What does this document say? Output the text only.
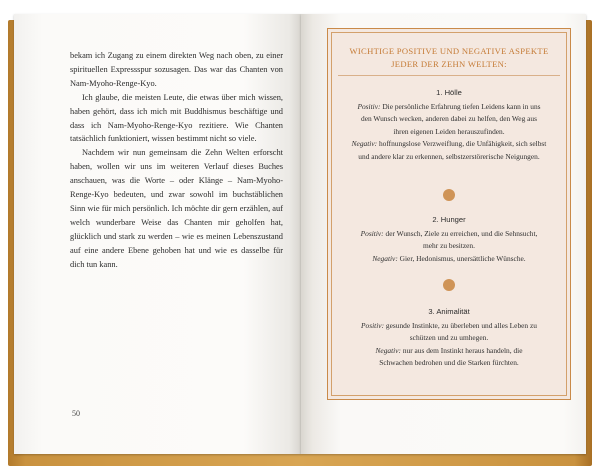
bekam ich Zugang zu einem direkten Weg nach oben, zu einer spirituellen Expressspur sozusagen. Das war das Chanten von Nam-Myoho-Renge-Kyo.

Ich glaube, die meisten Leute, die etwas über mich wissen, haben gehört, dass ich mich mit Buddhismus beschäftige und dass ich Nam-Myoho-Renge-Kyo rezitiere. Wie Chanten tatsächlich funktioniert, wissen bestimmt nicht so viele.

Nachdem wir nun gemeinsam die Zehn Welten erforscht haben, wollen wir uns im weiteren Verlauf dieses Buches anschauen, was die Worte – oder Klänge – Nam-Myoho-Renge-Kyo bedeuten, und zwar sowohl im buchstäblichen Sinn wie für mich persönlich. Ich möchte dir gern erzählen, auf welch wunderbare Weise das Chanten mir geholfen hat, glücklich und stark zu werden – wie es meinen Lebenszustand auf eine andere Ebene gehoben hat und wie es dasselbe für dich tun kann.

50
WICHTIGE POSITIVE UND NEGATIVE ASPEKTE
JEDER DER ZEHN WELTEN:
1. Hölle
Positiv: Die persönliche Erfahrung tiefen Leidens kann in uns den Wunsch wecken, anderen dabei zu helfen, den Weg aus ihren eigenen Leiden herauszufinden.
Negativ: hoffnungslose Verzweiflung, die Unfähigkeit, sich selbst und andere klar zu erkennen, selbstzerstörerische Neigungen.
2. Hunger
Positiv: der Wunsch, Ziele zu erreichen, und die Sehnsucht, mehr zu besitzen.
Negativ: Gier, Hedonismus, unersättliche Wünsche.
3. Animalität
Positiv: gesunde Instinkte, zu überleben und alles Leben zu schützen und zu umhegen.
Negativ: nur aus dem Instinkt heraus handeln, die Schwachen bedrohen und die Starken fürchten.
